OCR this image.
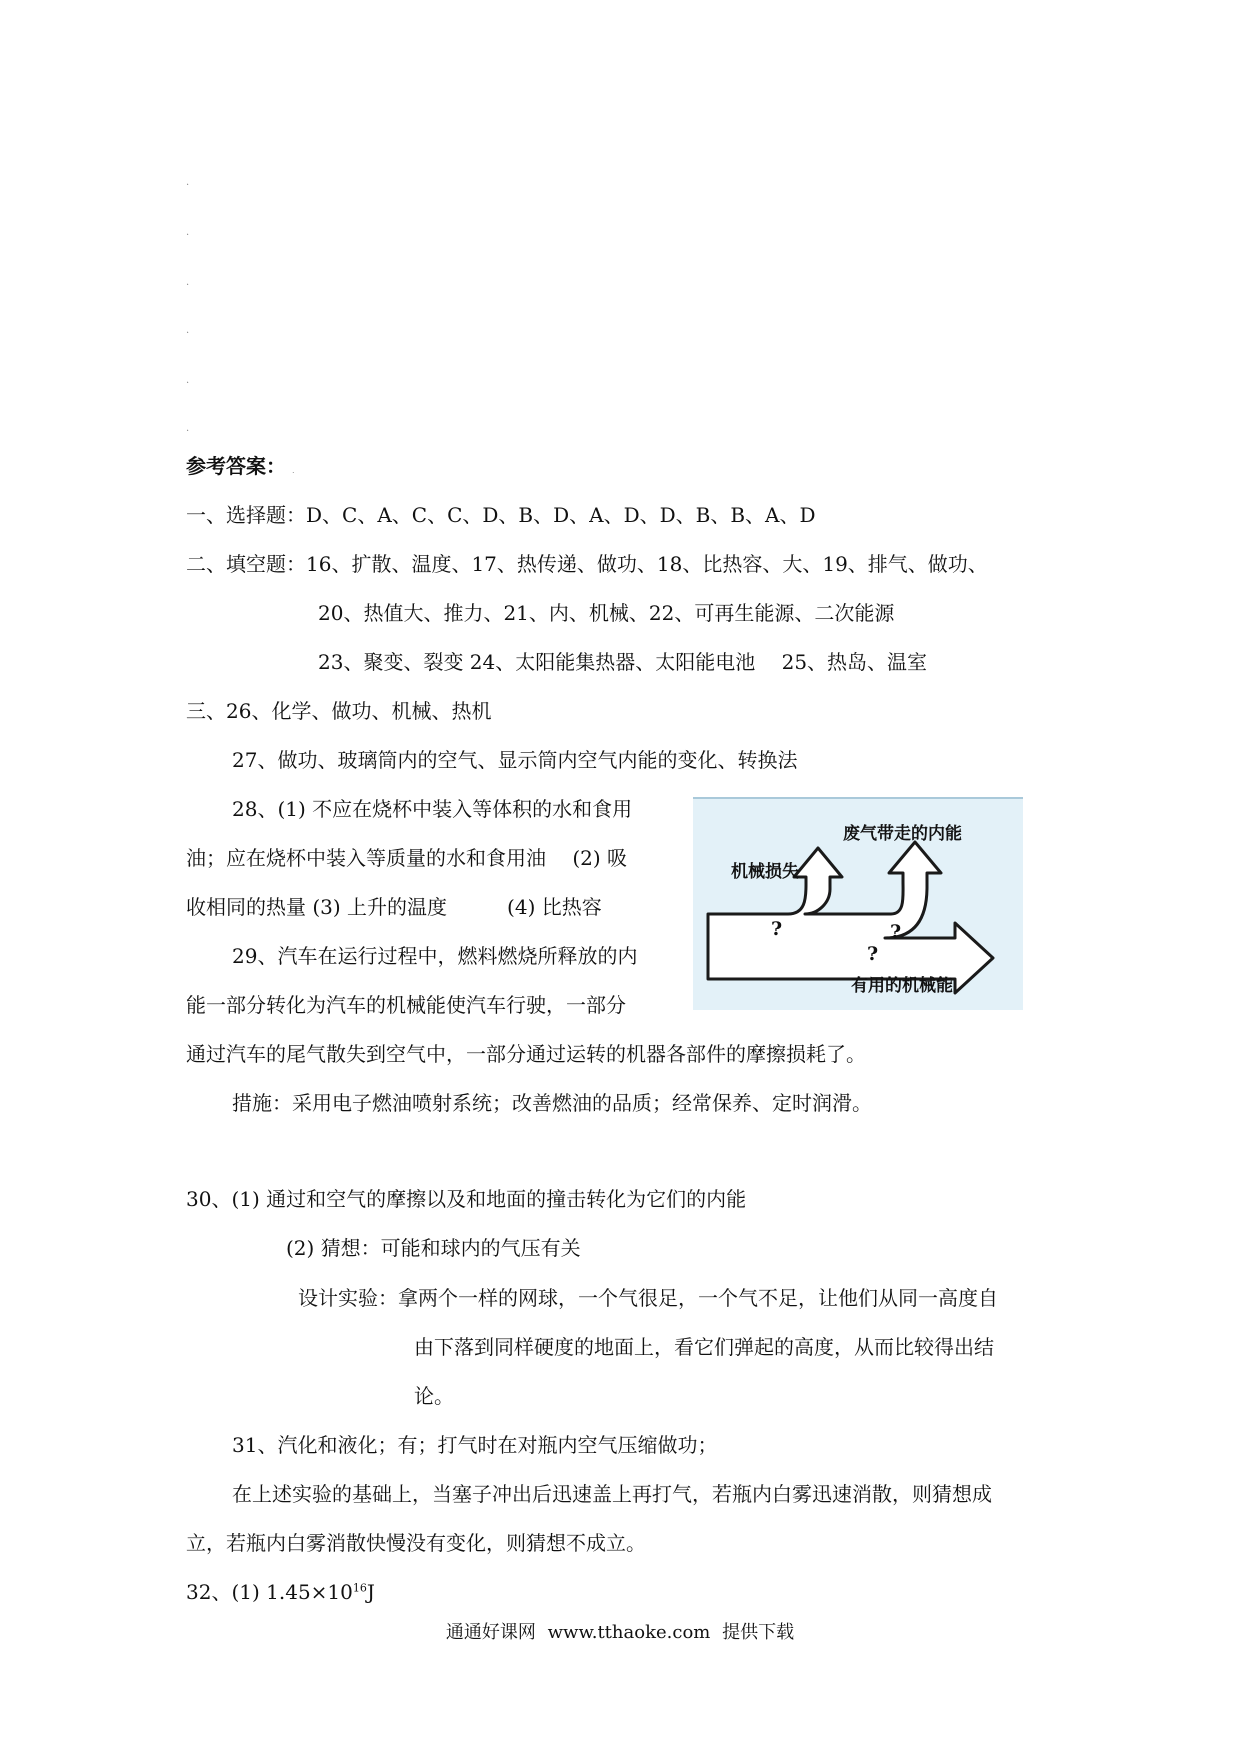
.
.
.
.
.
.
参考答案： .
一、选择题：D、C、A、C、C、D、B、D、A、D、D、B、B、A、D
二、填空题：16、扩散、温度、17、热传递、做功、18、比热容、大、19、排气、做功、
20、热值大、推力、21、内、机械、22、可再生能源、二次能源
23、聚变、裂变 24、太阳能集热器、太阳能电池　 25、热岛、温室
三、26、化学、做功、机械、热机
27、做功、玻璃筒内的空气、显示筒内空气内能的变化、转换法
28、(1) 不应在烧杯中装入等体积的水和食用
油；应在烧杯中装入等质量的水和食用油　 (2) 吸
收相同的热量 (3) 上升的温度　　　(4) 比热容
29、汽车在运行过程中，燃料燃烧所释放的内
能一部分转化为汽车的机械能使汽车行驶，一部分
通过汽车的尾气散失到空气中，一部分通过运转的机器各部件的摩擦损耗了。
措施：采用电子燃油喷射系统；改善燃油的品质；经常保养、定时润滑。
30、(1) 通过和空气的摩擦以及和地面的撞击转化为它们的内能
(2) 猜想：可能和球内的气压有关
设计实验：拿两个一样的网球，一个气很足，一个气不足，让他们从同一高度自
由下落到同样硬度的地面上，看它们弹起的高度，从而比较得出结
论。
31、汽化和液化；有；打气时在对瓶内空气压缩做功；
在上述实验的基础上，当塞子冲出后迅速盖上再打气，若瓶内白雾迅速消散，则猜想成
立，若瓶内白雾消散快慢没有变化，则猜想不成立。
32、(1) $1.45\times 10^{16}J$
机械损失
废气带走的内能
有用的机械能
?	?
?
通通好课网 www.tthaoke.com 提供下载
